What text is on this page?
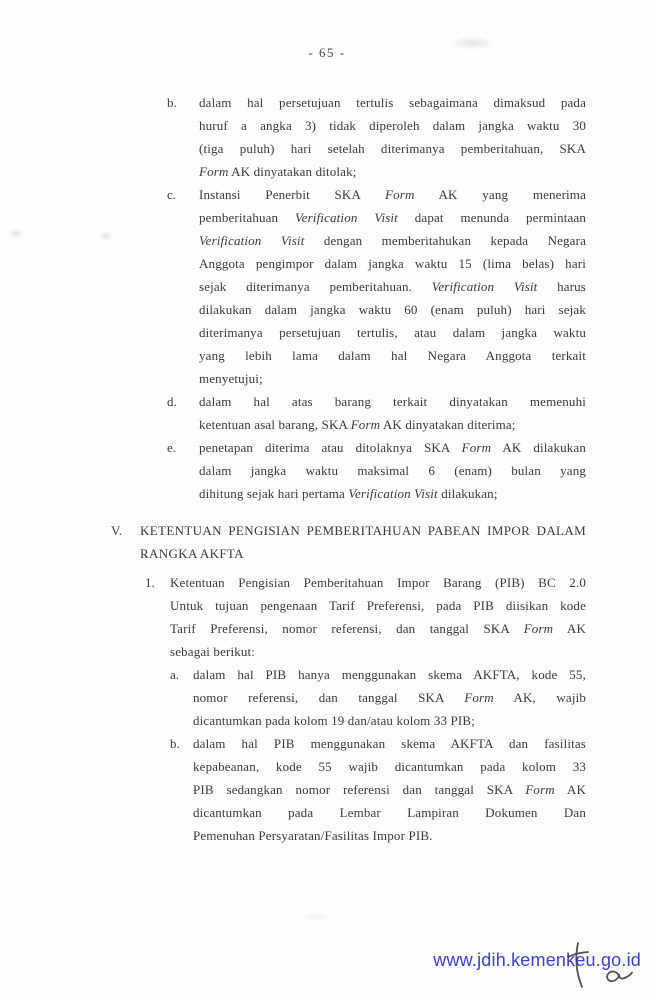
- 65 -
b.	dalam hal persetujuan tertulis sebagaimana dimaksud pada
huruf a angka 3) tidak diperoleh dalam jangka waktu 30
(tiga puluh) hari setelah diterimanya pemberitahuan, SKA
Form AK dinyatakan ditolak;
c.	Instansi Penerbit SKA Form AK yang menerima
pemberitahuan Verification Visit dapat menunda permintaan
Verification Visit dengan memberitahukan kepada Negara
Anggota pengimpor dalam jangka waktu 15 (lima belas) hari
sejak diterimanya pemberitahuan. Verification Visit harus
dilakukan dalam jangka waktu 60 (enam puluh) hari sejak
diterimanya persetujuan tertulis, atau dalam jangka waktu
yang lebih lama dalam hal Negara Anggota terkait
menyetujui;
d.	dalam hal atas barang terkait dinyatakan memenuhi
ketentuan asal barang, SKA Form AK dinyatakan diterima;
e.	penetapan diterima atau ditolaknya SKA Form AK dilakukan
dalam jangka waktu maksimal 6 (enam) bulan yang
dihitung sejak hari pertama Verification Visit dilakukan;
V.	KETENTUAN PENGISIAN PEMBERITAHUAN PABEAN IMPOR DALAM
RANGKA AKFTA
1.	Ketentuan Pengisian Pemberitahuan Impor Barang (PIB) BC 2.0
Untuk tujuan pengenaan Tarif Preferensi, pada PIB diisikan kode
Tarif Preferensi, nomor referensi, dan tanggal SKA Form AK
sebagai berikut:
a.	dalam hal PIB hanya menggunakan skema AKFTA, kode 55,
nomor referensi, dan tanggal SKA Form AK, wajib
dicantumkan pada kolom 19 dan/atau kolom 33 PIB;
b.	dalam hal PIB menggunakan skema AKFTA dan fasilitas
kepabeanan, kode 55 wajib dicantumkan pada kolom 33
PIB sedangkan nomor referensi dan tanggal SKA Form AK
dicantumkan pada Lembar Lampiran Dokumen Dan
Pemenuhan Persyaratan/Fasilitas Impor PIB.
www.jdih.kemenkeu.go.id
